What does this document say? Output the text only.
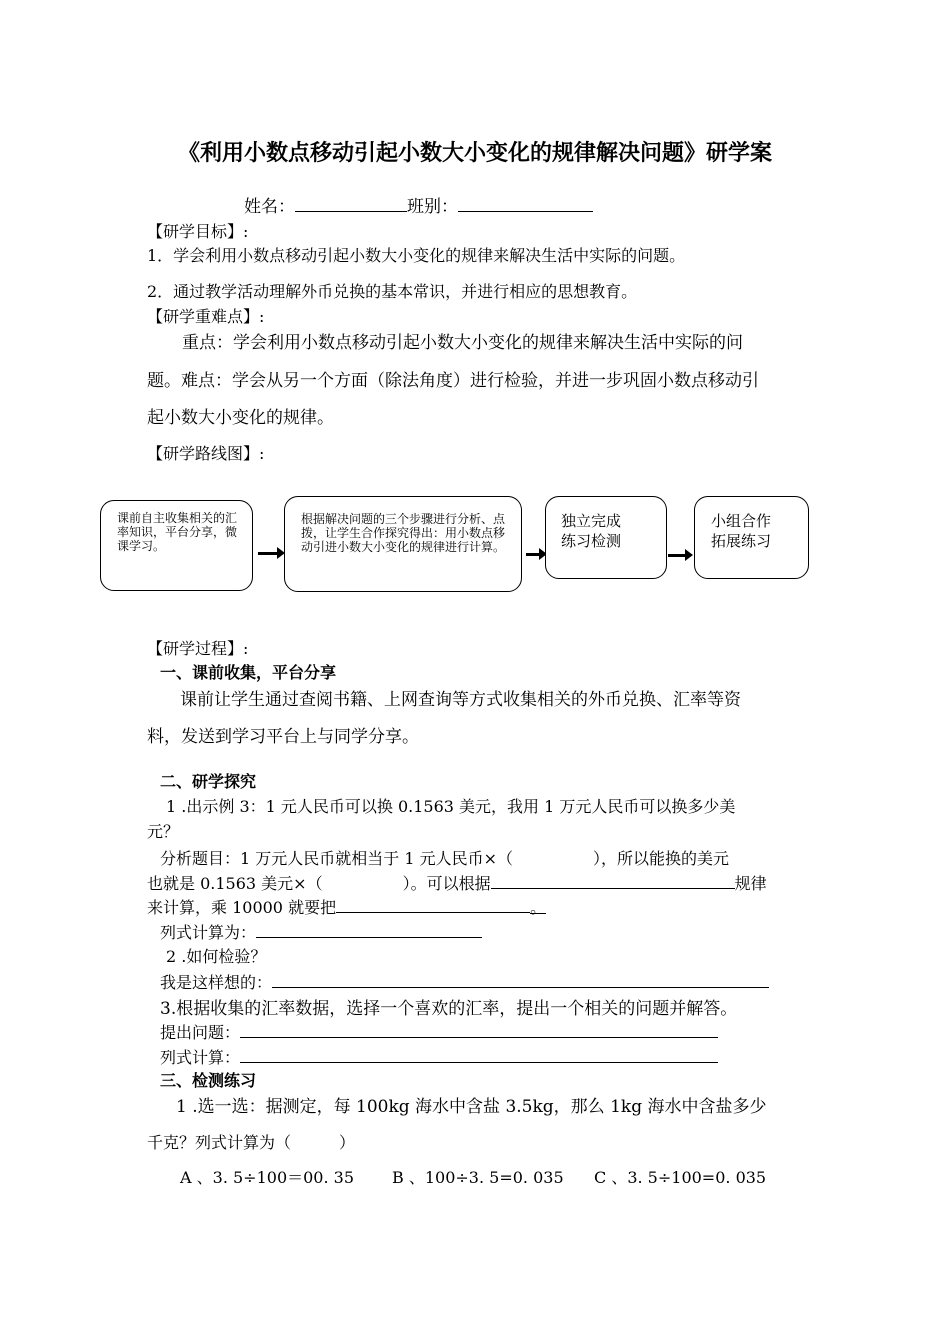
《利用小数点移动引起小数大小变化的规律解决问题》研学案
姓名：	班别：
【研学目标】:
1．学会利用小数点移动引起小数大小变化的规律来解决生活中实际的问题。
2．通过教学活动理解外币兑换的基本常识，并进行相应的思想教育。
【研学重难点】:
重点：学会利用小数点移动引起小数大小变化的规律来解决生活中实际的问
题。难点：学会从另一个方面（除法角度）进行检验，并进一步巩固小数点移动引
起小数大小变化的规律。
【研学路线图】:
课前自主收集相关的汇率知识，平台分享，微课学习。
根据解决问题的三个步骤进行分析、点拨，让学生合作探究得出：用小数点移动引进小数大小变化的规律进行计算。
独立完成
练习检测
小组合作
拓展练习
【研学过程】:
一、课前收集，平台分享
课前让学生通过查阅书籍、上网查询等方式收集相关的外币兑换、汇率等资
料，发送到学习平台上与同学分享。
二、研学探究
1 .出示例 3：1 元人民币可以换 0.1563 美元，我用 1 万元人民币可以换多少美
元？
分析题目：1 万元人民币就相当于 1 元人民币×（　　　　　），所以能换的美元
也就是 0.1563 美元×（　　　　　）。可以根据	规律
来计算，乘 10000 就要把	。
列式计算为：
2 .如何检验？
我是这样想的：
3.根据收集的汇率数据，选择一个喜欢的汇率，提出一个相关的问题并解答。
提出问题：
列式计算：
三、检测练习
1 .选一选：据测定，每 100kg 海水中含盐 3.5kg，那么 1kg 海水中含盐多少
千克？列式计算为（　　　）
A 、3. 5÷100＝00. 35 B 、100÷3. 5=0. 035 C 、3. 5÷100=0. 035
